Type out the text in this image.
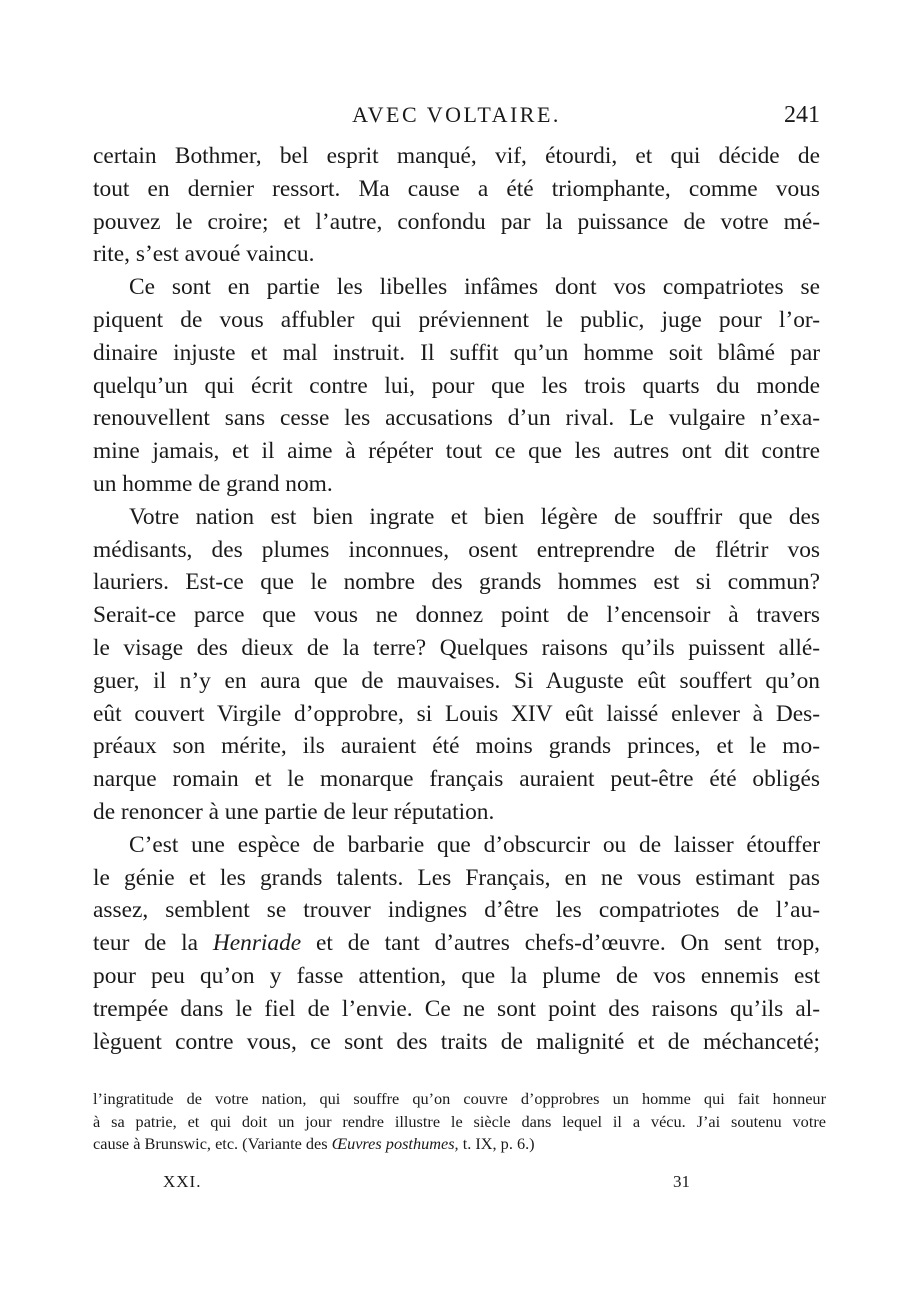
AVEC VOLTAIRE.	241
certain Bothmer, bel esprit manqué, vif, étourdi, et qui décide de
tout en dernier ressort. Ma cause a été triomphante, comme vous
pouvez le croire; et l’autre, confondu par la puissance de votre mé-
rite, s’est avoué vaincu.
Ce sont en partie les libelles infâmes dont vos compatriotes se
piquent de vous affubler qui préviennent le public, juge pour l’or-
dinaire injuste et mal instruit. Il suffit qu’un homme soit blâmé par
quelqu’un qui écrit contre lui, pour que les trois quarts du monde
renouvellent sans cesse les accusations d’un rival. Le vulgaire n’exa-
mine jamais, et il aime à répéter tout ce que les autres ont dit contre
un homme de grand nom.
Votre nation est bien ingrate et bien légère de souffrir que des
médisants, des plumes inconnues, osent entreprendre de flétrir vos
lauriers. Est-ce que le nombre des grands hommes est si commun?
Serait-ce parce que vous ne donnez point de l’encensoir à travers
le visage des dieux de la terre? Quelques raisons qu’ils puissent allé-
guer, il n’y en aura que de mauvaises. Si Auguste eût souffert qu’on
eût couvert Virgile d’opprobre, si Louis XIV eût laissé enlever à Des-
préaux son mérite, ils auraient été moins grands princes, et le mo-
narque romain et le monarque français auraient peut-être été obligés
de renoncer à une partie de leur réputation.
C’est une espèce de barbarie que d’obscurcir ou de laisser étouffer
le génie et les grands talents. Les Français, en ne vous estimant pas
assez, semblent se trouver indignes d’être les compatriotes de l’au-
teur de la Henriade et de tant d’autres chefs-d’œuvre. On sent trop,
pour peu qu’on y fasse attention, que la plume de vos ennemis est
trempée dans le fiel de l’envie. Ce ne sont point des raisons qu’ils al-
lèguent contre vous, ce sont des traits de malignité et de méchanceté;
l’ingratitude de votre nation, qui souffre qu’on couvre d’opprobres un homme qui fait honneur
à sa patrie, et qui doit un jour rendre illustre le siècle dans lequel il a vécu. J’ai soutenu votre
cause à Brunswic, etc. (Variante des Œuvres posthumes, t. IX, p. 6.)
XXI.	31
